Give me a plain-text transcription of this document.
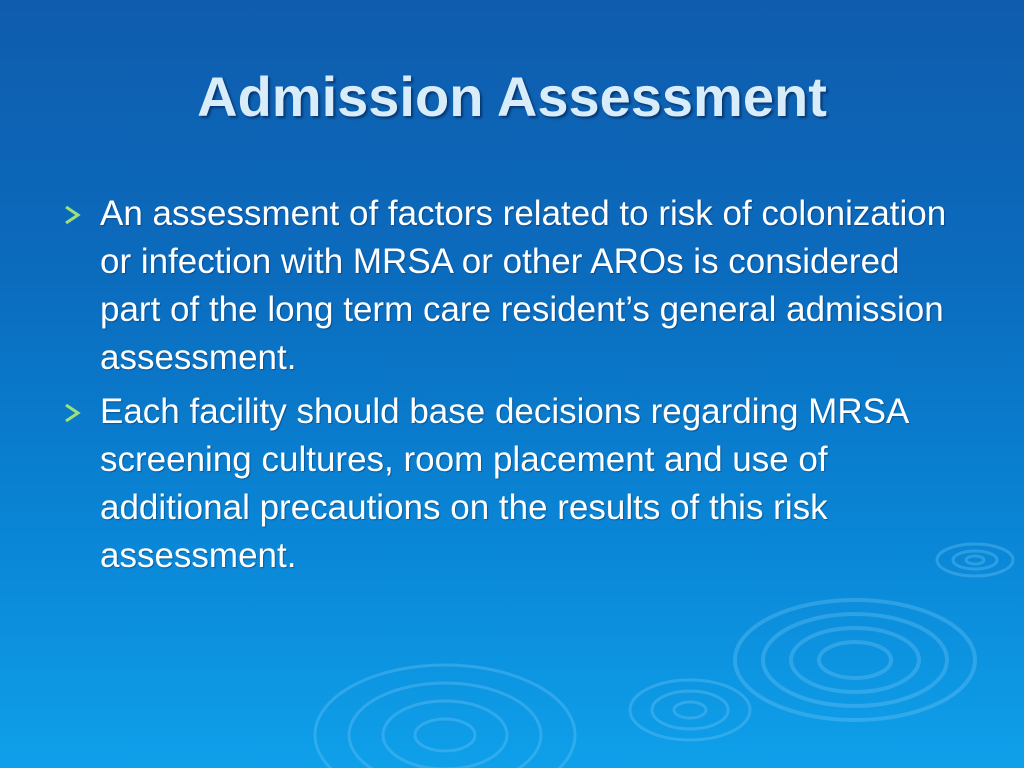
Admission Assessment
An assessment of factors related to risk of colonization or infection with MRSA or other AROs is considered part of the long term care resident’s general admission assessment.
Each facility should base decisions regarding MRSA screening cultures, room placement and use of additional precautions on the results of this risk assessment.
